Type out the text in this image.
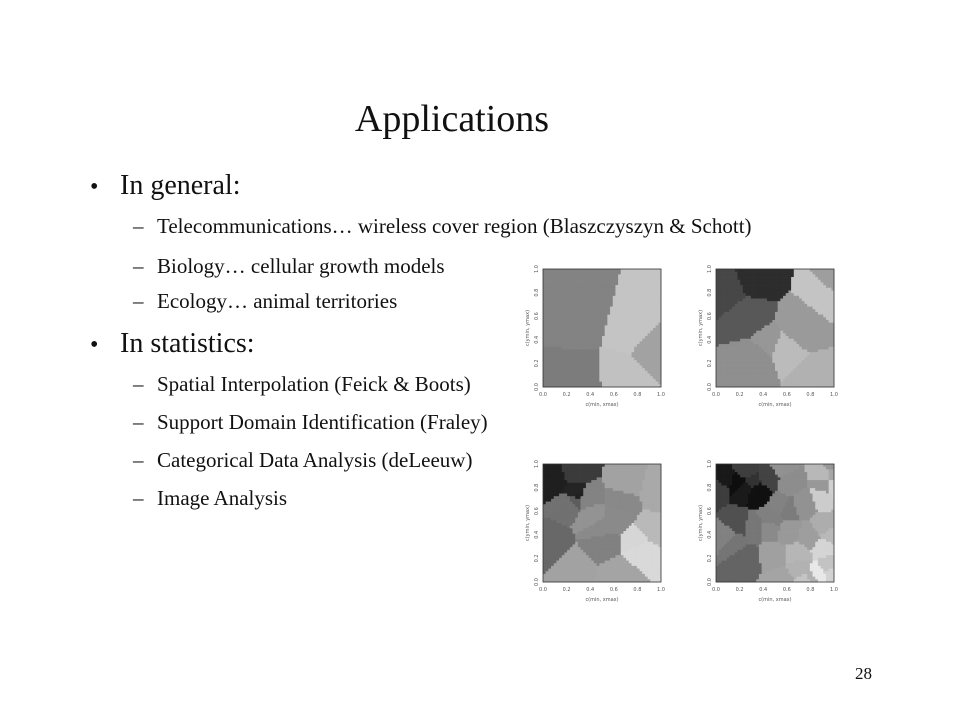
Applications
• In general:
– Telecommunications… wireless cover region (Blaszczyszyn & Schott)
– Biology… cellular growth models
– Ecology… animal territories
• In statistics:
– Spatial Interpolation (Feick & Boots)
– Support Domain Identification (Fraley)
– Categorical Data Analysis (deLeeuw)
– Image Analysis
0.0
0.0
0.2
0.2
0.4
0.4
0.6
0.6
0.8
0.8
1.0
1.0
c(min, xmax)
c(ymin, ymax)
0.0
0.0
0.2
0.2
0.4
0.4
0.6
0.6
0.8
0.8
1.0
1.0
c(min, xmax)
c(ymin, ymax)
0.0
0.0
0.2
0.2
0.4
0.4
0.6
0.6
0.8
0.8
1.0
1.0
c(min, xmax)
c(ymin, ymax)
0.0
0.0
0.2
0.2
0.4
0.4
0.6
0.6
0.8
0.8
1.0
1.0
c(min, xmax)
c(ymin, ymax)
28
